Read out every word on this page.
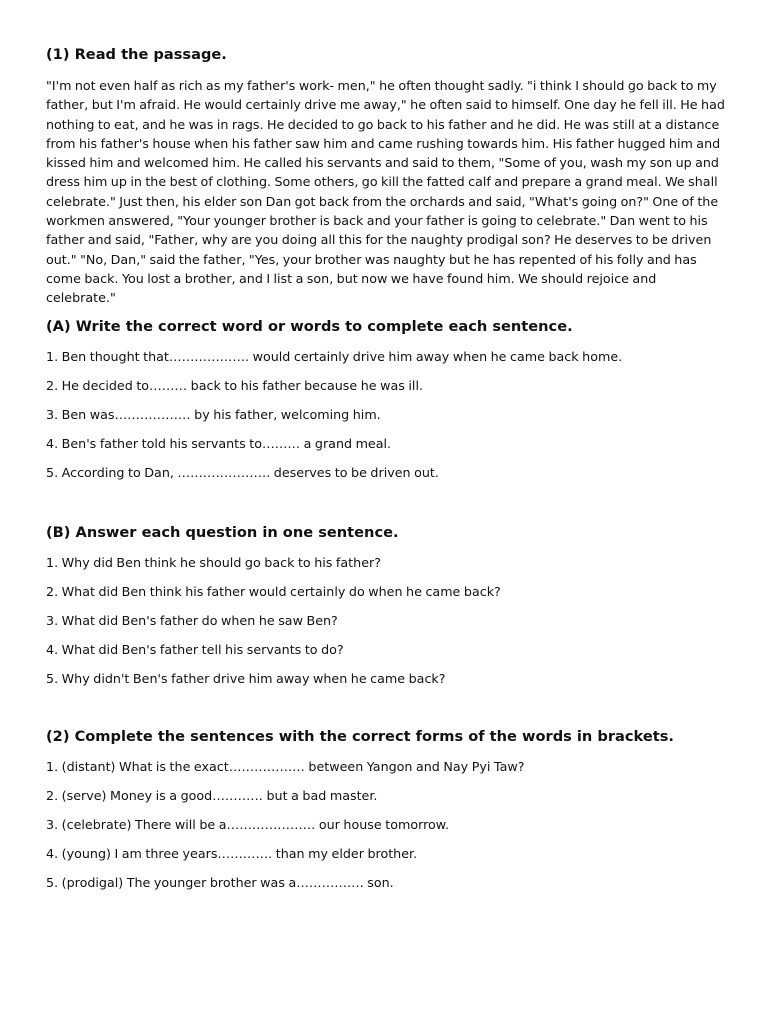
(1) Read the passage.
"I'm not even half as rich as my father's work- men," he often thought sadly. "i think I should go back to my
father, but I'm afraid. He would certainly drive me away," he often said to himself. One day he fell ill. He had
nothing to eat, and he was in rags. He decided to go back to his father and he did. He was still at a distance
from his father's house when his father saw him and came rushing towards him. His father hugged him and
kissed him and welcomed him. He called his servants and said to them, "Some of you, wash my son up and
dress him up in the best of clothing. Some others, go kill the fatted calf and prepare a grand meal. We shall
celebrate." Just then, his elder son Dan got back from the orchards and said, "What's going on?" One of the
workmen answered, "Your younger brother is back and your father is going to celebrate." Dan went to his
father and said, "Father, why are you doing all this for the naughty prodigal son? He deserves to be driven
out." "No, Dan," said the father, "Yes, your brother was naughty but he has repented of his folly and has
come back. You lost a brother, and I list a son, but now we have found him. We should rejoice and
celebrate."
(A) Write the correct word or words to complete each sentence.
1. Ben thought that………………. would certainly drive him away when he came back home.
2. He decided to……… back to his father because he was ill.
3. Ben was……………… by his father, welcoming him.
4. Ben's father told his servants to……… a grand meal.
5. According to Dan, …………………. deserves to be driven out.
(B) Answer each question in one sentence.
1. Why did Ben think he should go back to his father?
2. What did Ben think his father would certainly do when he came back?
3. What did Ben's father do when he saw Ben?
4. What did Ben's father tell his servants to do?
5. Why didn't Ben's father drive him away when he came back?
(2) Complete the sentences with the correct forms of the words in brackets.
1. (distant) What is the exact……………… between Yangon and Nay Pyi Taw?
2. (serve) Money is a good………… but a bad master.
3. (celebrate) There will be a………………… our house tomorrow.
4. (young) I am three years…………. than my elder brother.
5. (prodigal) The younger brother was a……………. son.
